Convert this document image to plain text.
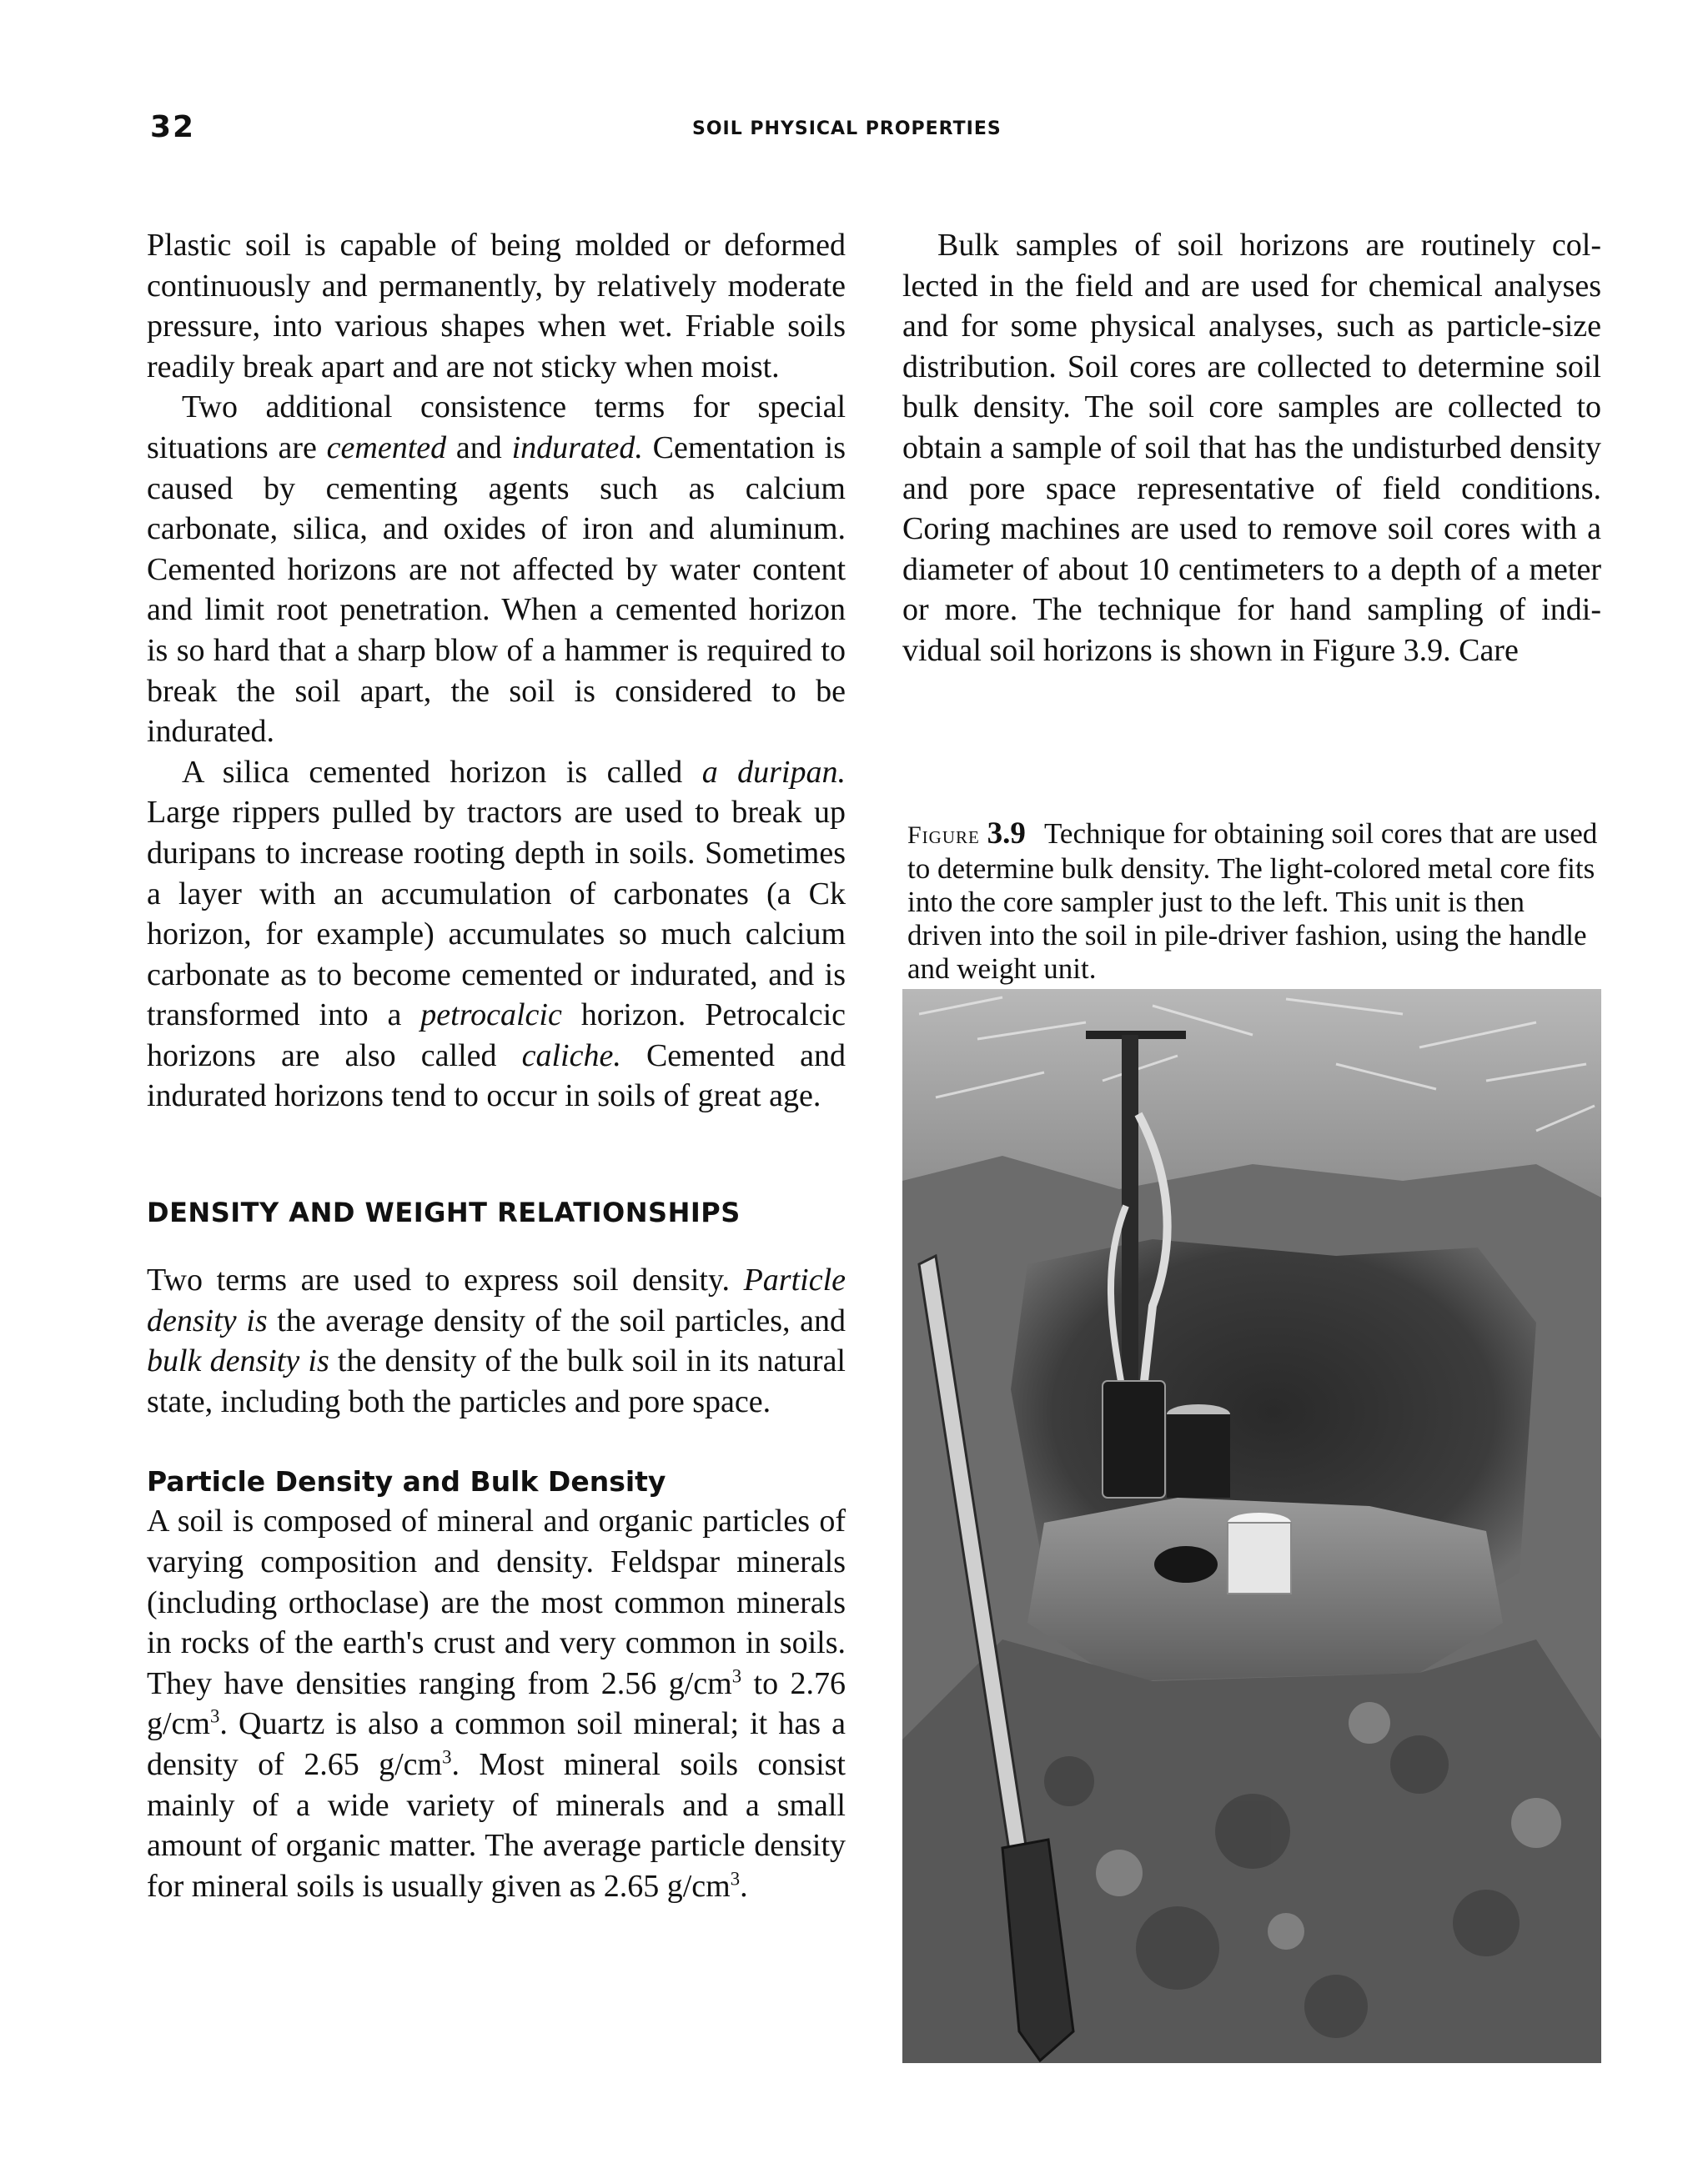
32	SOIL PHYSICAL PROPERTIES

Plastic soil is capable of being molded or deformed continuously and permanently, by relatively moderate pressure, into various shapes when wet. Friable soils readily break apart and are not sticky when moist.

Two additional consistence terms for special situations are cemented and indurated. Cementation is caused by cementing agents such as calcium carbonate, silica, and oxides of iron and aluminum. Cemented horizons are not affected by water content and limit root penetration. When a cemented horizon is so hard that a sharp blow of a hammer is required to break the soil apart, the soil is considered to be indurated.

A silica cemented horizon is called a duripan. Large rippers pulled by tractors are used to break up duripans to increase rooting depth in soils. Sometimes a layer with an accumulation of carbonates (a Ck horizon, for example) accumulates so much calcium carbonate as to become cemented or indurated, and is transformed into a petrocalcic horizon. Petrocalcic horizons are also called caliche. Cemented and indurated horizons tend to occur in soils of great age.

DENSITY AND WEIGHT RELATIONSHIPS

Two terms are used to express soil density. Particle density is the average density of the soil particles, and bulk density is the density of the bulk soil in its natural state, including both the particles and pore space.

Particle Density and Bulk Density

A soil is composed of mineral and organic particles of varying composition and density. Feldspar minerals (including orthoclase) are the most common minerals in rocks of the earth's crust and very common in soils. They have densities ranging from 2.56 $g/cm^3$ to 2.76 $g/cm^3$. Quartz is also a common soil mineral; it has a density of 2.65 $g/cm^3$. Most mineral soils consist mainly of a wide variety of minerals and a small amount of organic matter. The average particle density for mineral soils is usually given as 2.65 $g/cm^3$.

Bulk samples of soil horizons are routinely collected in the field and are used for chemical analyses and for some physical analyses, such as particle-size distribution. Soil cores are collected to determine soil bulk density. The soil core samples are collected to obtain a sample of soil that has the undisturbed density and pore space representative of field conditions. Coring machines are used to remove soil cores with a diameter of about 10 centimeters to a depth of a meter or more. The technique for hand sampling of individual soil horizons is shown in Figure 3.9. Care

Figure 3.9 Technique for obtaining soil cores that are used to determine bulk density. The light-colored metal core fits into the core sampler just to the left. This unit is then driven into the soil in pile-driver fashion, using the handle and weight unit.
